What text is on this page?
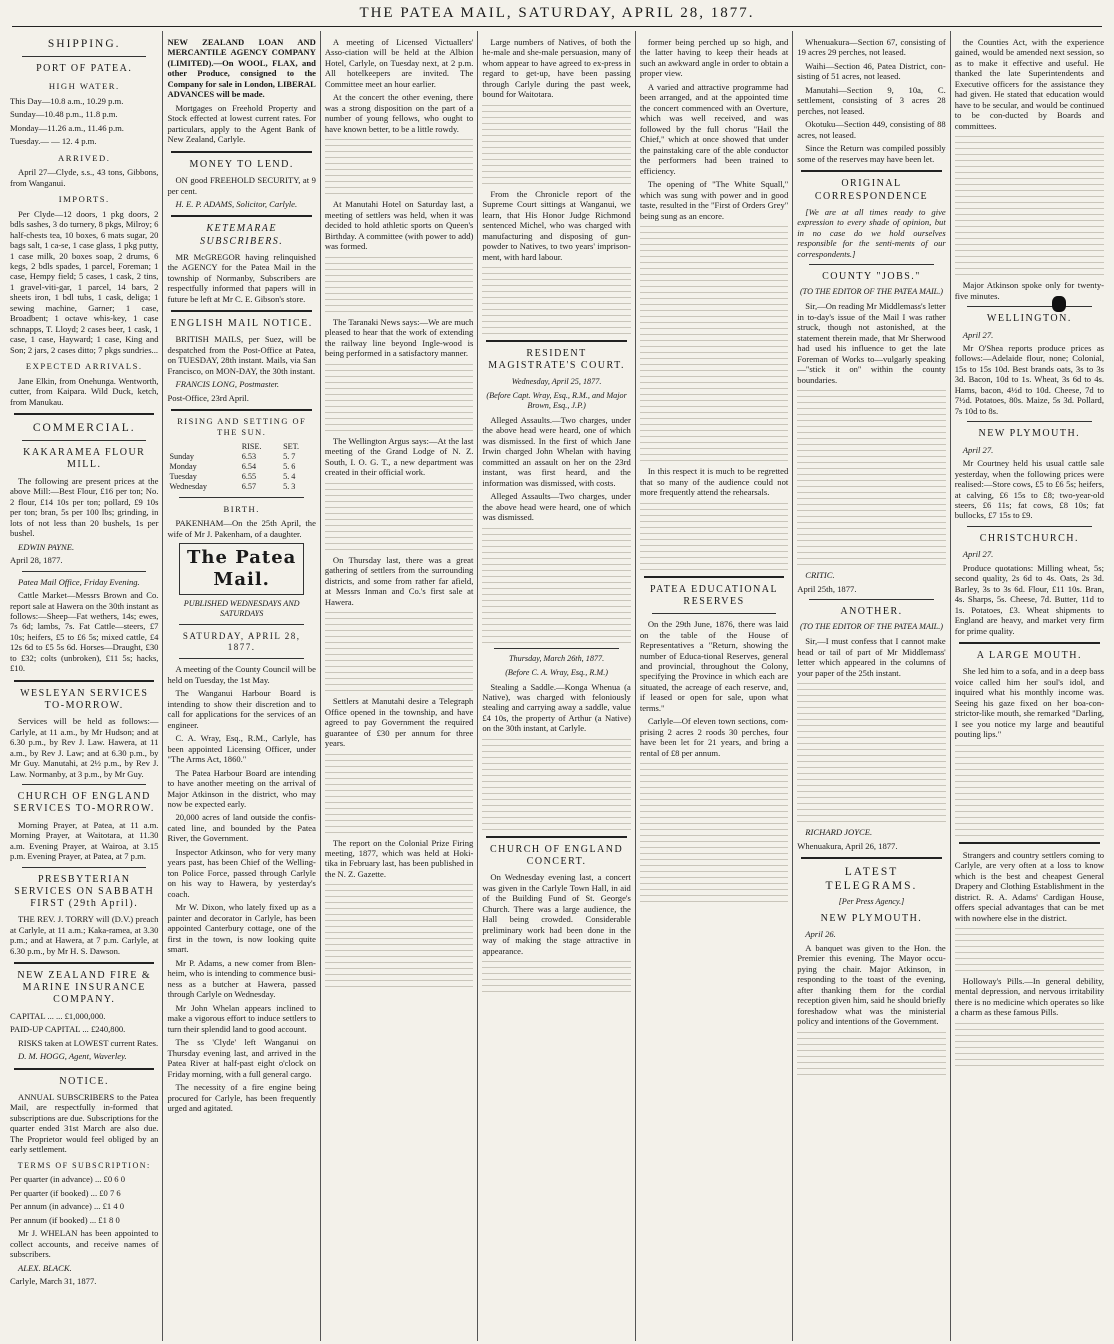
THE PATEA MAIL, SATURDAY, APRIL 28, 1877.
SHIPPING.
PORT OF PATEA.
HIGH WATER.

This Day—10.8 a.m., 10.29 p.m.

Sunday—10.48 p.m., 11.8 p.m.

Monday—11.26 a.m., 11.46 p.m.

Tuesday.— — 12. 4 p.m.

ARRIVED.

April 27—Clyde, s.s., 43 tons, Gibbons, from Wanganui.

IMPORTS.

Per Clyde—12 doors, 1 pkg doors, 2 bdls sashes, 3 do turnery, 8 pkgs, Milroy; 6 half-chests tea, 10 boxes, 6 mats sugar, 20 bags salt, 1 ca-se, 1 case glass, 1 pkg putty, 1 case milk, 20 boxes soap, 2 drums, 6 kegs, 2 bdls spades, 1 parcel, Foreman; 1 case, Hempy field; 5 cases, 1 cask, 2 tins, 1 gravel-viti-gar, 1 parcel, 14 bars, 2 sheets iron, 1 bdl tubs, 1 cask, deliga; 1 sewing machine, Garner; 1 case, Broadbent; 1 octave whis-key, 1 case schnapps, T. Lloyd; 2 cases beer, 1 cask, 1 case, 1 case, Hayward; 1 case, King and Son; 2 jars, 2 cases ditto; 7 pkgs sundries...

EXPECTED ARRIVALS.

Jane Elkin, from Onehunga. Wentworth, cutter, from Kaipara. Wild Duck, ketch, from Manukau.

COMMERCIAL.
KAKARAMEA FLOUR MILL.

The following are present prices at the above Mill:—Best Flour, £16 per ton; No. 2 flour, £14 10s per ton; pollard, £9 10s per ton; bran, 5s per 100 lbs; grinding, in lots of not less than 20 bushels, 1s per bushel.

EDWIN PAYNE.

April 28, 1877.

Patea Mail Office, Friday Evening.

Cattle Market—Messrs Brown and Co. report sale at Hawera on the 30th instant as follows:—Sheep—Fat wethers, 14s; ewes, 7s 6d; lambs, 7s. Fat Cattle—steers, £7 10s; heifers, £5 to £6 5s; mixed cattle, £4 12s 6d to £5 5s 6d. Horses—Draught, £30 to £32; colts (unbroken), £11 5s; hacks, £10.

WESLEYAN SERVICES TO-MORROW.

Services will be held as follows:— Carlyle, at 11 a.m., by Mr Hudson; and at 6.30 p.m., by Rev J. Law. Hawera, at 11 a.m., by Rev J. Law; and at 6.30 p.m., by Mr Guy. Manutahi, at 2½ p.m., by Rev J. Law. Normanby, at 3 p.m., by Mr Guy.

CHURCH OF ENGLAND SERVICES TO-MORROW.

Morning Prayer, at Patea, at 11 a.m. Morning Prayer, at Waitotara, at 11.30 a.m. Evening Prayer, at Wairoa, at 3.15 p.m. Evening Prayer, at Patea, at 7 p.m.

PRESBYTERIAN SERVICES ON SABBATH FIRST (29th April).

THE REV. J. TORRY will (D.V.) preach at Carlyle, at 11 a.m.; Kaka-ramea, at 3.30 p.m.; and at Hawera, at 7 p.m. Carlyle, at 6.30 p.m., by Mr H. S. Dawson.

NEW ZEALAND FIRE & MARINE INSURANCE COMPANY.

CAPITAL ... ... £1,000,000.

PAID-UP CAPITAL ... £240,800.

RISKS taken at LOWEST current Rates.

D. M. HOGG, Agent, Waverley.

NOTICE.

ANNUAL SUBSCRIBERS to the Patea Mail, are respectfully in-formed that subscriptions are due. Subscriptions for the quarter ended 31st March are also due. The Proprietor would feel obliged by an early settlement.

TERMS OF SUBSCRIPTION:

Per quarter (in advance) ... £0 6 0

Per quarter (if booked) ... £0 7 6

Per annum (in advance) ... £1 4 0

Per annum (if booked) ... £1 8 0

Mr J. WHELAN has been appointed to collect accounts, and receive names of subscribers.

ALEX. BLACK.

Carlyle, March 31, 1877.

NEW ZEALAND LOAN AND MERCANTILE AGENCY COMPANY (LIMITED).—On WOOL, FLAX, and other Produce, consigned to the Company for sale in London, LIBERAL ADVANCES will be made.

Mortgages on Freehold Property and Stock effected at lowest current rates. For particulars, apply to the Agent Bank of New Zealand, Carlyle.

MONEY TO LEND.

ON good FREEHOLD SECURITY, at 9 per cent.

H. E. P. ADAMS, Solicitor, Carlyle.

KETEMARAE SUBSCRIBERS.

MR McGREGOR having relinquished the AGENCY for the Patea Mail in the township of Normanby, Subscribers are respectfully informed that papers will in future be left at Mr C. E. Gibson's store.

ENGLISH MAIL NOTICE.

BRITISH MAILS, per Suez, will be despatched from the Post-Office at Patea, on TUESDAY, 28th instant. Mails, via San Francisco, on MON-DAY, the 30th instant.

FRANCIS LONG, Postmaster.

Post-Office, 23rd April.

RISING AND SETTING OF THE SUN.
	RISE.	SET.
Sunday	6.53	5. 7
Monday	6.54	5. 6
Tuesday	6.55	5. 4
Wednesday	6.57	5. 3
BIRTH.

PAKENHAM—On the 25th April, the wife of Mr J. Pakenham, of a daughter.

The Patea Mail.
PUBLISHED WEDNESDAYS AND SATURDAYS
SATURDAY, APRIL 28, 1877.

A meeting of the County Council will be held on Tuesday, the 1st May.

The Wanganui Harbour Board is intending to show their discretion and to call for applications for the services of an engineer.

C. A. Wray, Esq., R.M., Carlyle, has been appointed Licensing Officer, under "The Arms Act, 1860."

The Patea Harbour Board are intending to have another meeting on the arrival of Major Atkinson in the district, who may now be expected early.

20,000 acres of land outside the confis-cated line, and bounded by the Patea River, the Government.

Inspector Atkinson, who for very many years past, has been Chief of the Welling-ton Police Force, passed through Carlyle on his way to Hawera, by yesterday's coach.

Mr W. Dixon, who lately fixed up as a painter and decorator in Carlyle, has been appointed Canterbury cottage, one of the first in the town, is now looking quite smart.

Mr P. Adams, a new comer from Blen-heim, who is intending to commence busi-ness as a butcher at Hawera, passed through Carlyle on Wednesday.

Mr John Whelan appears inclined to make a vigorous effort to induce settlers to turn their splendid land to good account.

The ss 'Clyde' left Wanganui on Thursday evening last, and arrived in the Patea River at half-past eight o'clock on Friday morning, with a full general cargo.

The necessity of a fire engine being procured for Carlyle, has been frequently urged and agitated.

A meeting of Licensed Victuallers' Asso-ciation will be held at the Albion Hotel, Carlyle, on Tuesday next, at 2 p.m. All hotelkeepers are invited. The Committee meet an hour earlier.

At the concert the other evening, there was a strong disposition on the part of a number of young fellows, who ought to have known better, to be a little rowdy.

At Manutahi Hotel on Saturday last, a meeting of settlers was held, when it was decided to hold athletic sports on Queen's Birthday. A committee (with power to add) was formed.

The Taranaki News says:—We are much pleased to hear that the work of extending the railway line beyond Ingle-wood is being performed in a satisfactory manner.

The Wellington Argus says:—At the last meeting of the Grand Lodge of N. Z. South, I. O. G. T., a new department was created in their official work.

On Thursday last, there was a great gathering of settlers from the surrounding districts, and some from rather far afield, at Messrs Inman and Co.'s first sale at Hawera.

Settlers at Manutahi desire a Telegraph Office opened in the township, and have agreed to pay Government the required guarantee of £30 per annum for three years.

The report on the Colonial Prize Firing meeting, 1877, which was held at Hoki-tika in February last, has been published in the N. Z. Gazette.

Large numbers of Natives, of both the he-male and she-male persuasion, many of whom appear to have agreed to ex-press in regard to get-up, have been passing through Carlyle during the past week, bound for Waitotara.

From the Chronicle report of the Supreme Court sittings at Wanganui, we learn, that His Honor Judge Richmond sentenced Michel, who was charged with manufacturing and disposing of gun-powder to Natives, to two years' imprison-ment, with hard labour.

RESIDENT MAGISTRATE'S COURT.
Wednesday, April 25, 1877.
(Before Capt. Wray, Esq., R.M., and Major Brown, Esq., J.P.)

Alleged Assaults.—Two charges, under the above head were heard, one of which was dismissed. In the first of which Jane Irwin charged John Whelan with having committed an assault on her on the 23rd instant, was first heard, and the information was dismissed, with costs.

Alleged Assaults—Two charges, under the above head were heard, one of which was dismissed.

Thursday, March 26th, 1877.
(Before C. A. Wray, Esq., R.M.)

Stealing a Saddle.—Konga Whenua (a Native), was charged with feloniously stealing and carrying away a saddle, value £4 10s, the property of Arthur (a Native) on the 30th instant, at Carlyle.

CHURCH OF ENGLAND CONCERT.

On Wednesday evening last, a concert was given in the Carlyle Town Hall, in aid of the Building Fund of St. George's Church. There was a large audience, the Hall being crowded. Considerable preliminary work had been done in the way of making the stage attractive in appearance.

former being perched up so high, and the latter having to keep their heads at such an awkward angle in order to obtain a proper view.

A varied and attractive programme had been arranged, and at the appointed time the concert commenced with an Overture, which was well received, and was followed by the full chorus "Hail the Chief," which at once showed that under the painstaking care of the able conductor the performers had been trained to efficiency.

The opening of "The White Squall," which was sung with power and in good taste, resulted in the "First of Orders Grey" being sung as an encore.

In this respect it is much to be regretted that so many of the audience could not more frequently attend the rehearsals.

PATEA EDUCATIONAL RESERVES

On the 29th June, 1876, there was laid on the table of the House of Representatives a "Return, showing the number of Educa-tional Reserves, general and provincial, throughout the Colony, specifying the Province in which each are situated, the acreage of each reserve, and, if leased or open for sale, upon what terms."

Carlyle—Of eleven town sections, com-prising 2 acres 2 roods 30 perches, four have been let for 21 years, and bring a rental of £8 per annum.

Whenuakura—Section 67, consisting of 19 acres 29 perches, not leased.

Waihi—Section 46, Patea District, con-sisting of 51 acres, not leased.

Manutahi—Section 9, 10a, C. settlement, consisting of 3 acres 28 perches, not leased.

Okotuku—Section 449, consisting of 88 acres, not leased.

Since the Return was compiled possibly some of the reserves may have been let.

ORIGINAL CORRESPONDENCE

[We are at all times ready to give expression to every shade of opinion, but in no case do we hold ourselves responsible for the senti-ments of our correspondents.]

COUNTY "JOBS."
(TO THE EDITOR OF THE PATEA MAIL.)

Sir,—On reading Mr Middlemass's letter in to-day's issue of the Mail I was rather struck, though not astonished, at the statement therein made, that Mr Sherwood had used his influence to get the late Foreman of Works to—vulgarly speaking—"stick it on" within the county boundaries.

CRITIC.

April 25th, 1877.

ANOTHER.
(TO THE EDITOR OF THE PATEA MAIL.)

Sir,—I must confess that I cannot make head or tail of part of Mr Middlemass' letter which appeared in the columns of your paper of the 25th instant.

RICHARD JOYCE.

Whenuakura, April 26, 1877.

LATEST TELEGRAMS.
[Per Press Agency.]
NEW PLYMOUTH.

April 26.

A banquet was given to the Hon. the Premier this evening. The Mayor occu-pying the chair. Major Atkinson, in responding to the toast of the evening, after thanking them for the cordial reception given him, said he should briefly foreshadow what was the ministerial policy and intentions of the Government.

the Counties Act, with the experience gained, would be amended next session, so as to make it effective and useful. He thanked the late Superintendents and Executive officers for the assistance they had given. He stated that education would have to be secular, and would be continued to be con-ducted by Boards and committees.

Major Atkinson spoke only for twenty-five minutes.

WELLINGTON.

April 27.

Mr O'Shea reports produce prices as follows:—Adelaide flour, none; Colonial, 15s to 15s 10d. Best brands oats, 3s to 3s 3d. Bacon, 10d to 1s. Wheat, 3s 6d to 4s. Hams, bacon, 4½d to 10d. Cheese, 7d to 7½d. Potatoes, 80s. Maize, 5s 3d. Pollard, 7s 10d to 8s.

NEW PLYMOUTH.

April 27.

Mr Courtney held his usual cattle sale yesterday, when the following prices were realised:—Store cows, £5 to £6 5s; heifers, at calving, £6 15s to £8; two-year-old steers, £6 11s; fat cows, £8 10s; fat bullocks, £7 15s to £9.

CHRISTCHURCH.

April 27.

Produce quotations: Milling wheat, 5s; second quality, 2s 6d to 4s. Oats, 2s 3d. Barley, 3s to 3s 6d. Flour, £11 10s. Bran, 4s. Sharps, 5s. Cheese, 7d. Butter, 11d to 1s. Potatoes, £3. Wheat shipments to England are heavy, and market very firm for prime quality.

A LARGE MOUTH.

She led him to a sofa, and in a deep bass voice called him her soul's idol, and inquired what his monthly income was. Seeing his gaze fixed on her boa-con-strictor-like mouth, she remarked "Darling, I see you notice my large and beautiful pouting lips."

Strangers and country settlers coming to Carlyle, are very often at a loss to know which is the best and cheapest General Drapery and Clothing Establishment in the district. R. A. Adams' Cardigan House, offers special advantages that can be met with nowhere else in the district.

Holloway's Pills.—In general debility, mental depression, and nervous irritability there is no medicine which operates so like a charm as these famous Pills.
